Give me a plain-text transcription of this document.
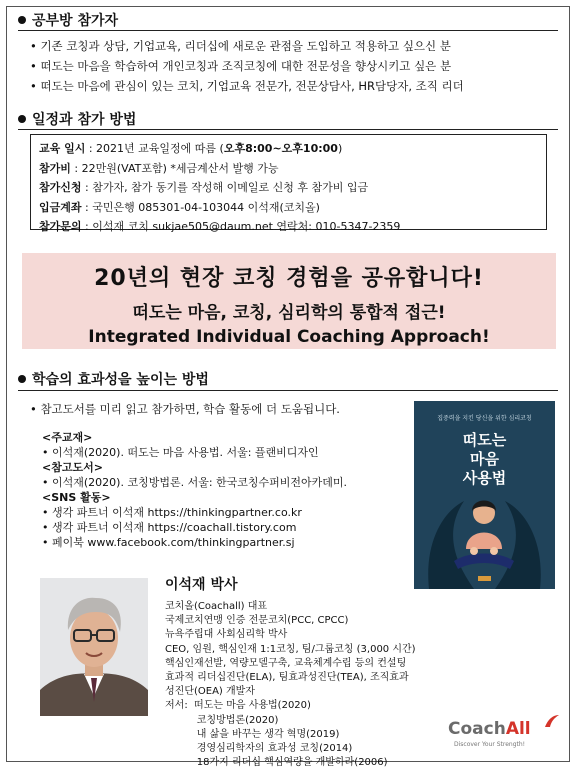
공부방 참가자
• 기존 코칭과 상담, 기업교육, 리더십에 새로운 관점을 도입하고 적용하고 싶으신 분
• 떠도는 마음을 학습하여 개인코칭과 조직코칭에 대한 전문성을 향상시키고 싶은 분
• 떠도는 마음에 관심이 있는 코치, 기업교육 전문가, 전문상담사, HR담당자, 조직 리더
일정과 참가 방법
교육 일시 : 2021년 교육일정에 따름 (오후8:00~오후10:00)
참가비 : 22만원(VAT포함) *세금계산서 발행 가능
참가신청 : 참가자, 참가 동기를 작성해 이메일로 신청 후 참가비 입금
입금계좌 : 국민은행 085301-04-103044 이석재(코치올)
참가문의 : 이석재 코치 sukjae505@daum.net 연락처: 010-5347-2359
20년의 현장 코칭 경험을 공유합니다!
떠도는 마음, 코칭, 심리학의 통합적 접근!
Integrated Individual Coaching Approach!
학습의 효과성을 높이는 방법
• 참고도서를 미리 읽고 참가하면, 학습 활동에 더 도움됩니다.
<주교재>
• 이석재(2020). 떠도는 마음 사용법. 서울: 플랜비디자인
<참고도서>
• 이석재(2020). 코칭방법론. 서울: 한국코칭수퍼비전아카데미.
<SNS 활동>
• 생각 파트너 이석재 https://thinkingpartner.co.kr
• 생각 파트너 이석재 https://coachall.tistory.com
• 페이북 www.facebook.com/thinkingpartner.sj
집중력을 지킨 당신을 위한 심리코칭
떠도는
마음
사용법
이석재 박사
코치올(Coachall) 대표
국제코치연맹 인증 전문코치(PCC, CPCC)
뉴욕주립대 사회심리학 박사
CEO, 임원, 핵심인재 1:1코칭, 팀/그룹코칭 (3,000 시간)
핵심인재선발, 역량모델구축, 교육체계수립 등의 컨설팅
효과적 리더십진단(ELA), 팀효과성진단(TEA), 조직효과
성진단(OEA) 개발자
저서:  떠도는 마음 사용법(2020)
코칭방법론(2020)
내 삶을 바꾸는 생각 혁명(2019)
경영심리학자의 효과성 코칭(2014)
18가지 리더십 핵심역량을 개발하라(2006)
CoachAll
Discover Your Strength!
